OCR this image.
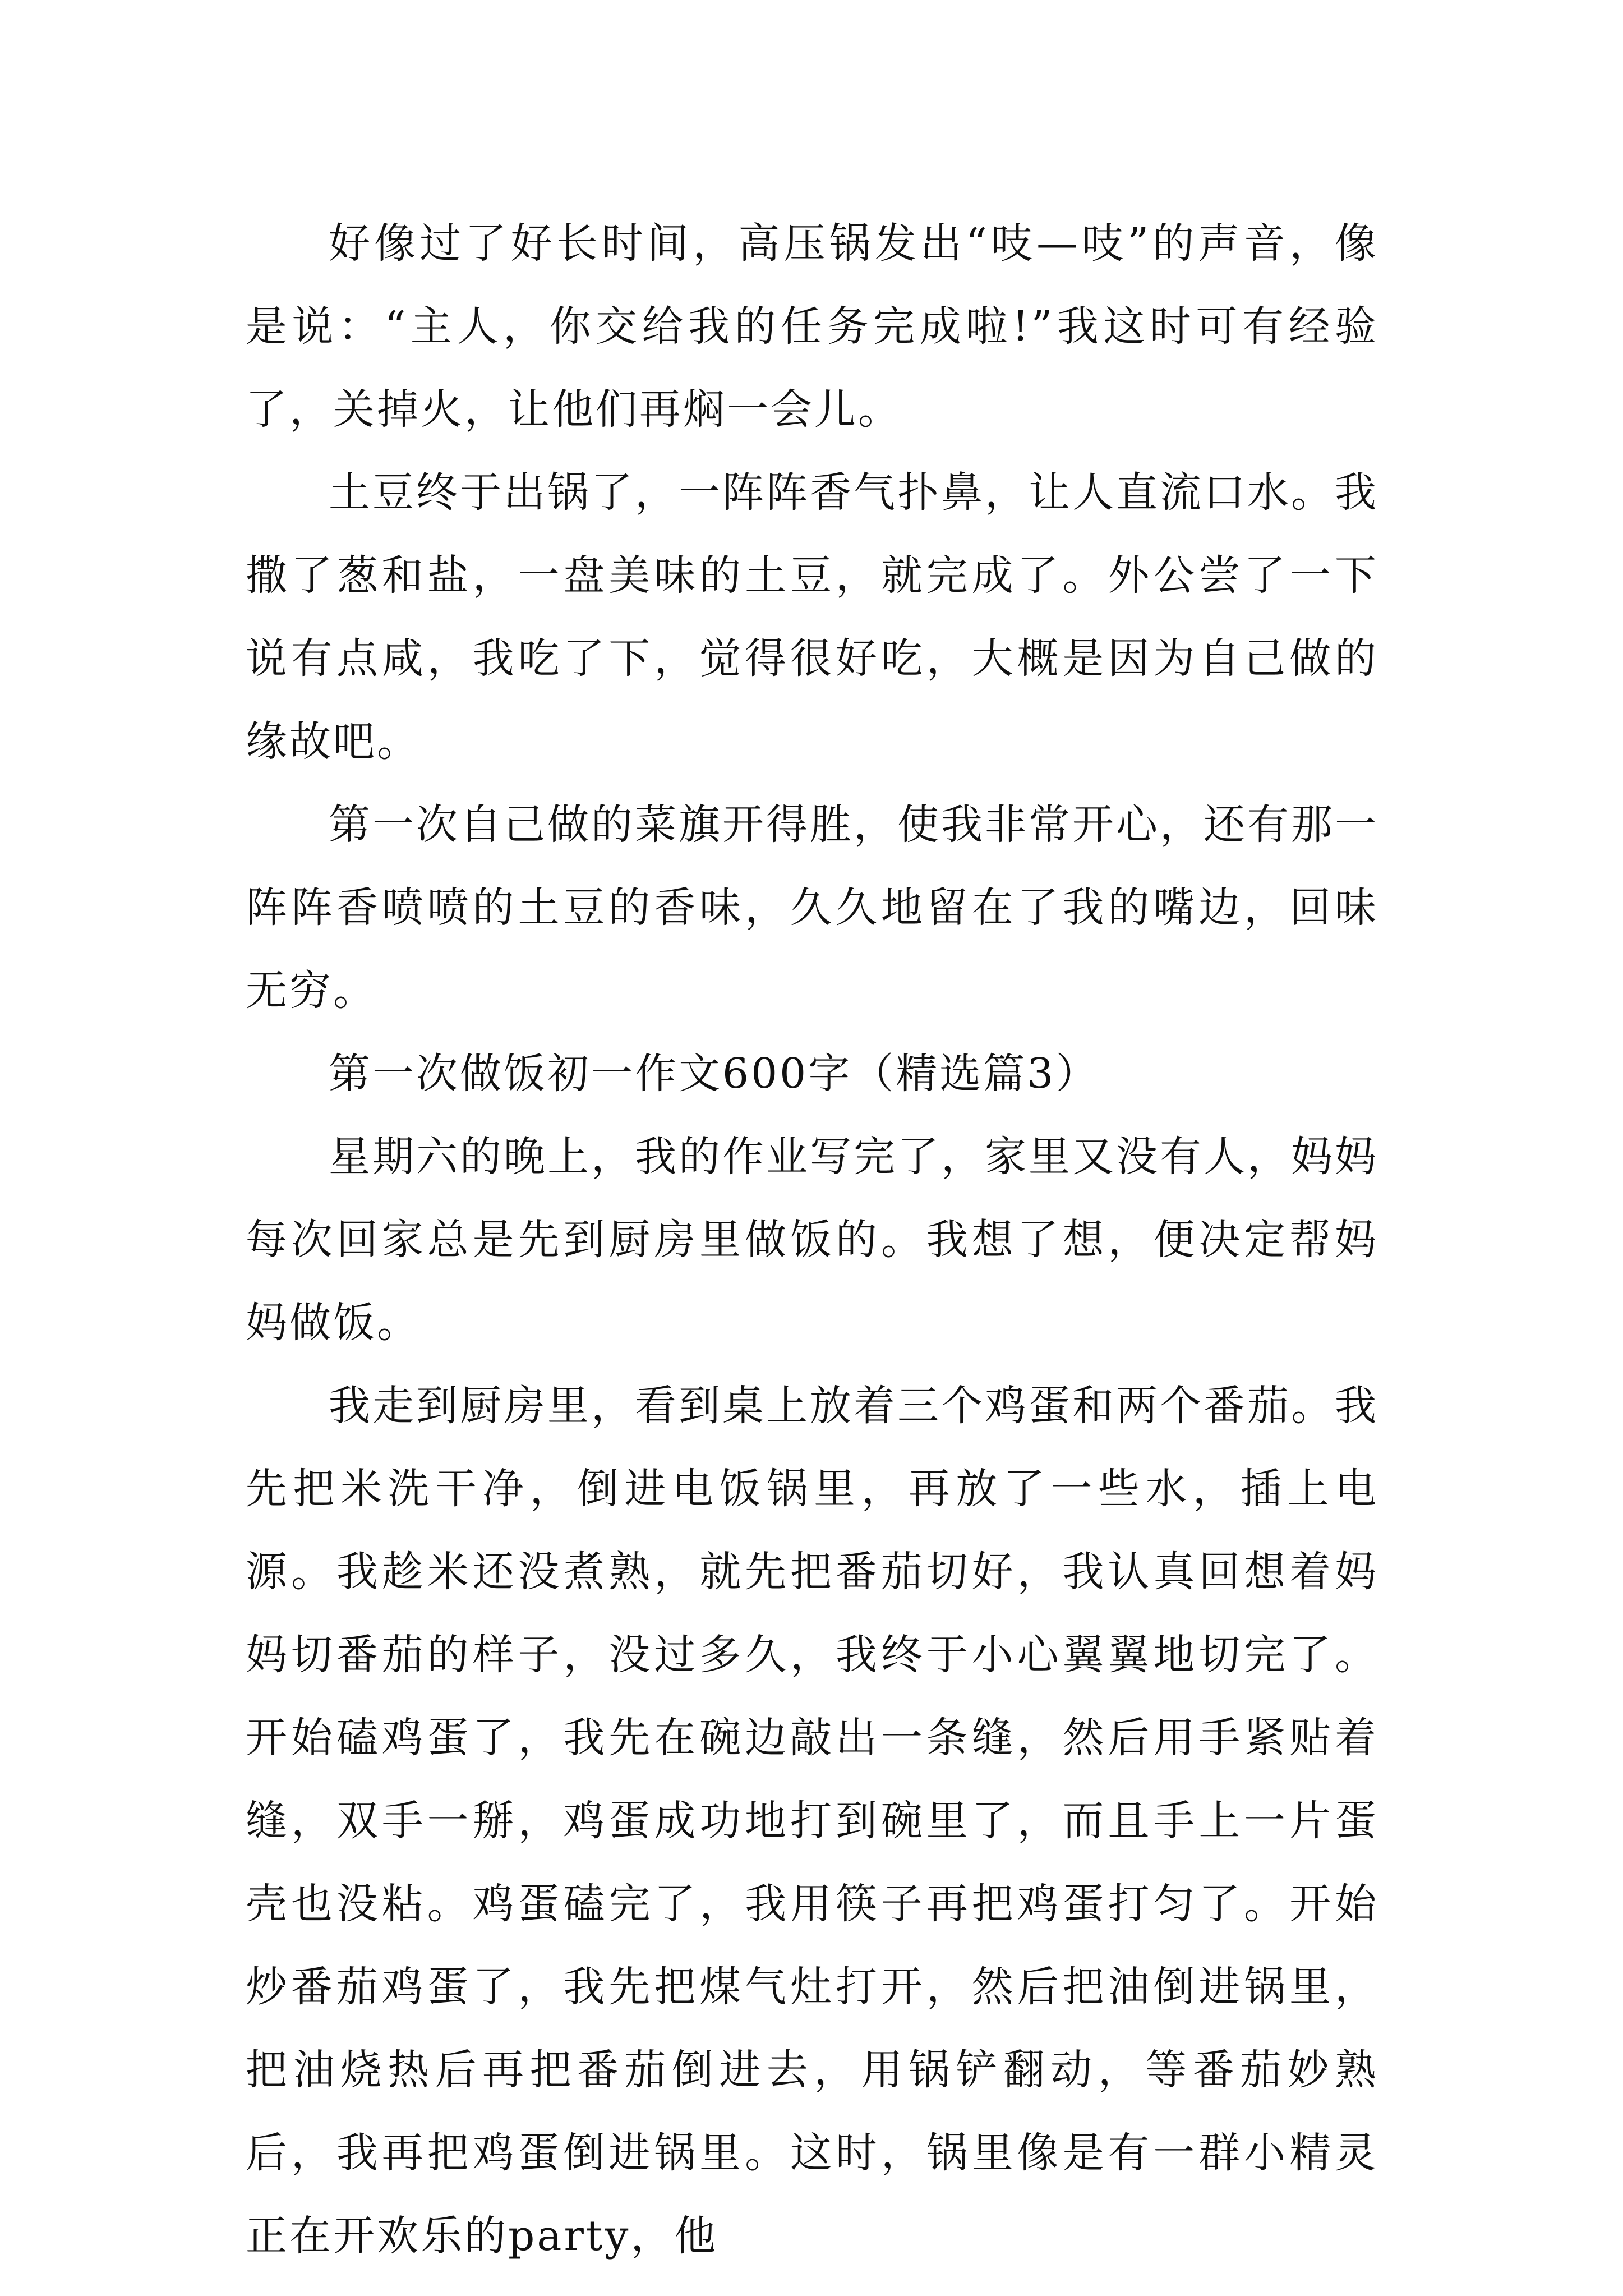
好像过了好长时间，高压锅发出“吱—吱”的声音，像是说：“主人，你交给我的任务完成啦!”我这时可有经验了，关掉火，让他们再焖一会儿。

土豆终于出锅了，一阵阵香气扑鼻，让人直流口水。我撒了葱和盐，一盘美味的土豆，就完成了。外公尝了一下说有点咸，我吃了下，觉得很好吃，大概是因为自己做的缘故吧。

第一次自己做的菜旗开得胜，使我非常开心，还有那一阵阵香喷喷的土豆的香味，久久地留在了我的嘴边，回味无穷。

第一次做饭初一作文600字（精选篇3）

星期六的晚上，我的作业写完了，家里又没有人，妈妈每次回家总是先到厨房里做饭的。我想了想，便决定帮妈妈做饭。

我走到厨房里，看到桌上放着三个鸡蛋和两个番茄。我先把米洗干净，倒进电饭锅里，再放了一些水，插上电源。我趁米还没煮熟，就先把番茄切好，我认真回想着妈妈切番茄的样子，没过多久，我终于小心翼翼地切完了。开始磕鸡蛋了，我先在碗边敲出一条缝，然后用手紧贴着缝，双手一掰，鸡蛋成功地打到碗里了，而且手上一片蛋壳也没粘。鸡蛋磕完了，我用筷子再把鸡蛋打匀了。开始炒番茄鸡蛋了，我先把煤气灶打开，然后把油倒进锅里，把油烧热后再把番茄倒进去，用锅铲翻动，等番茄妙熟后，我再把鸡蛋倒进锅里。这时，锅里像是有一群小精灵正在开欢乐的party，他
